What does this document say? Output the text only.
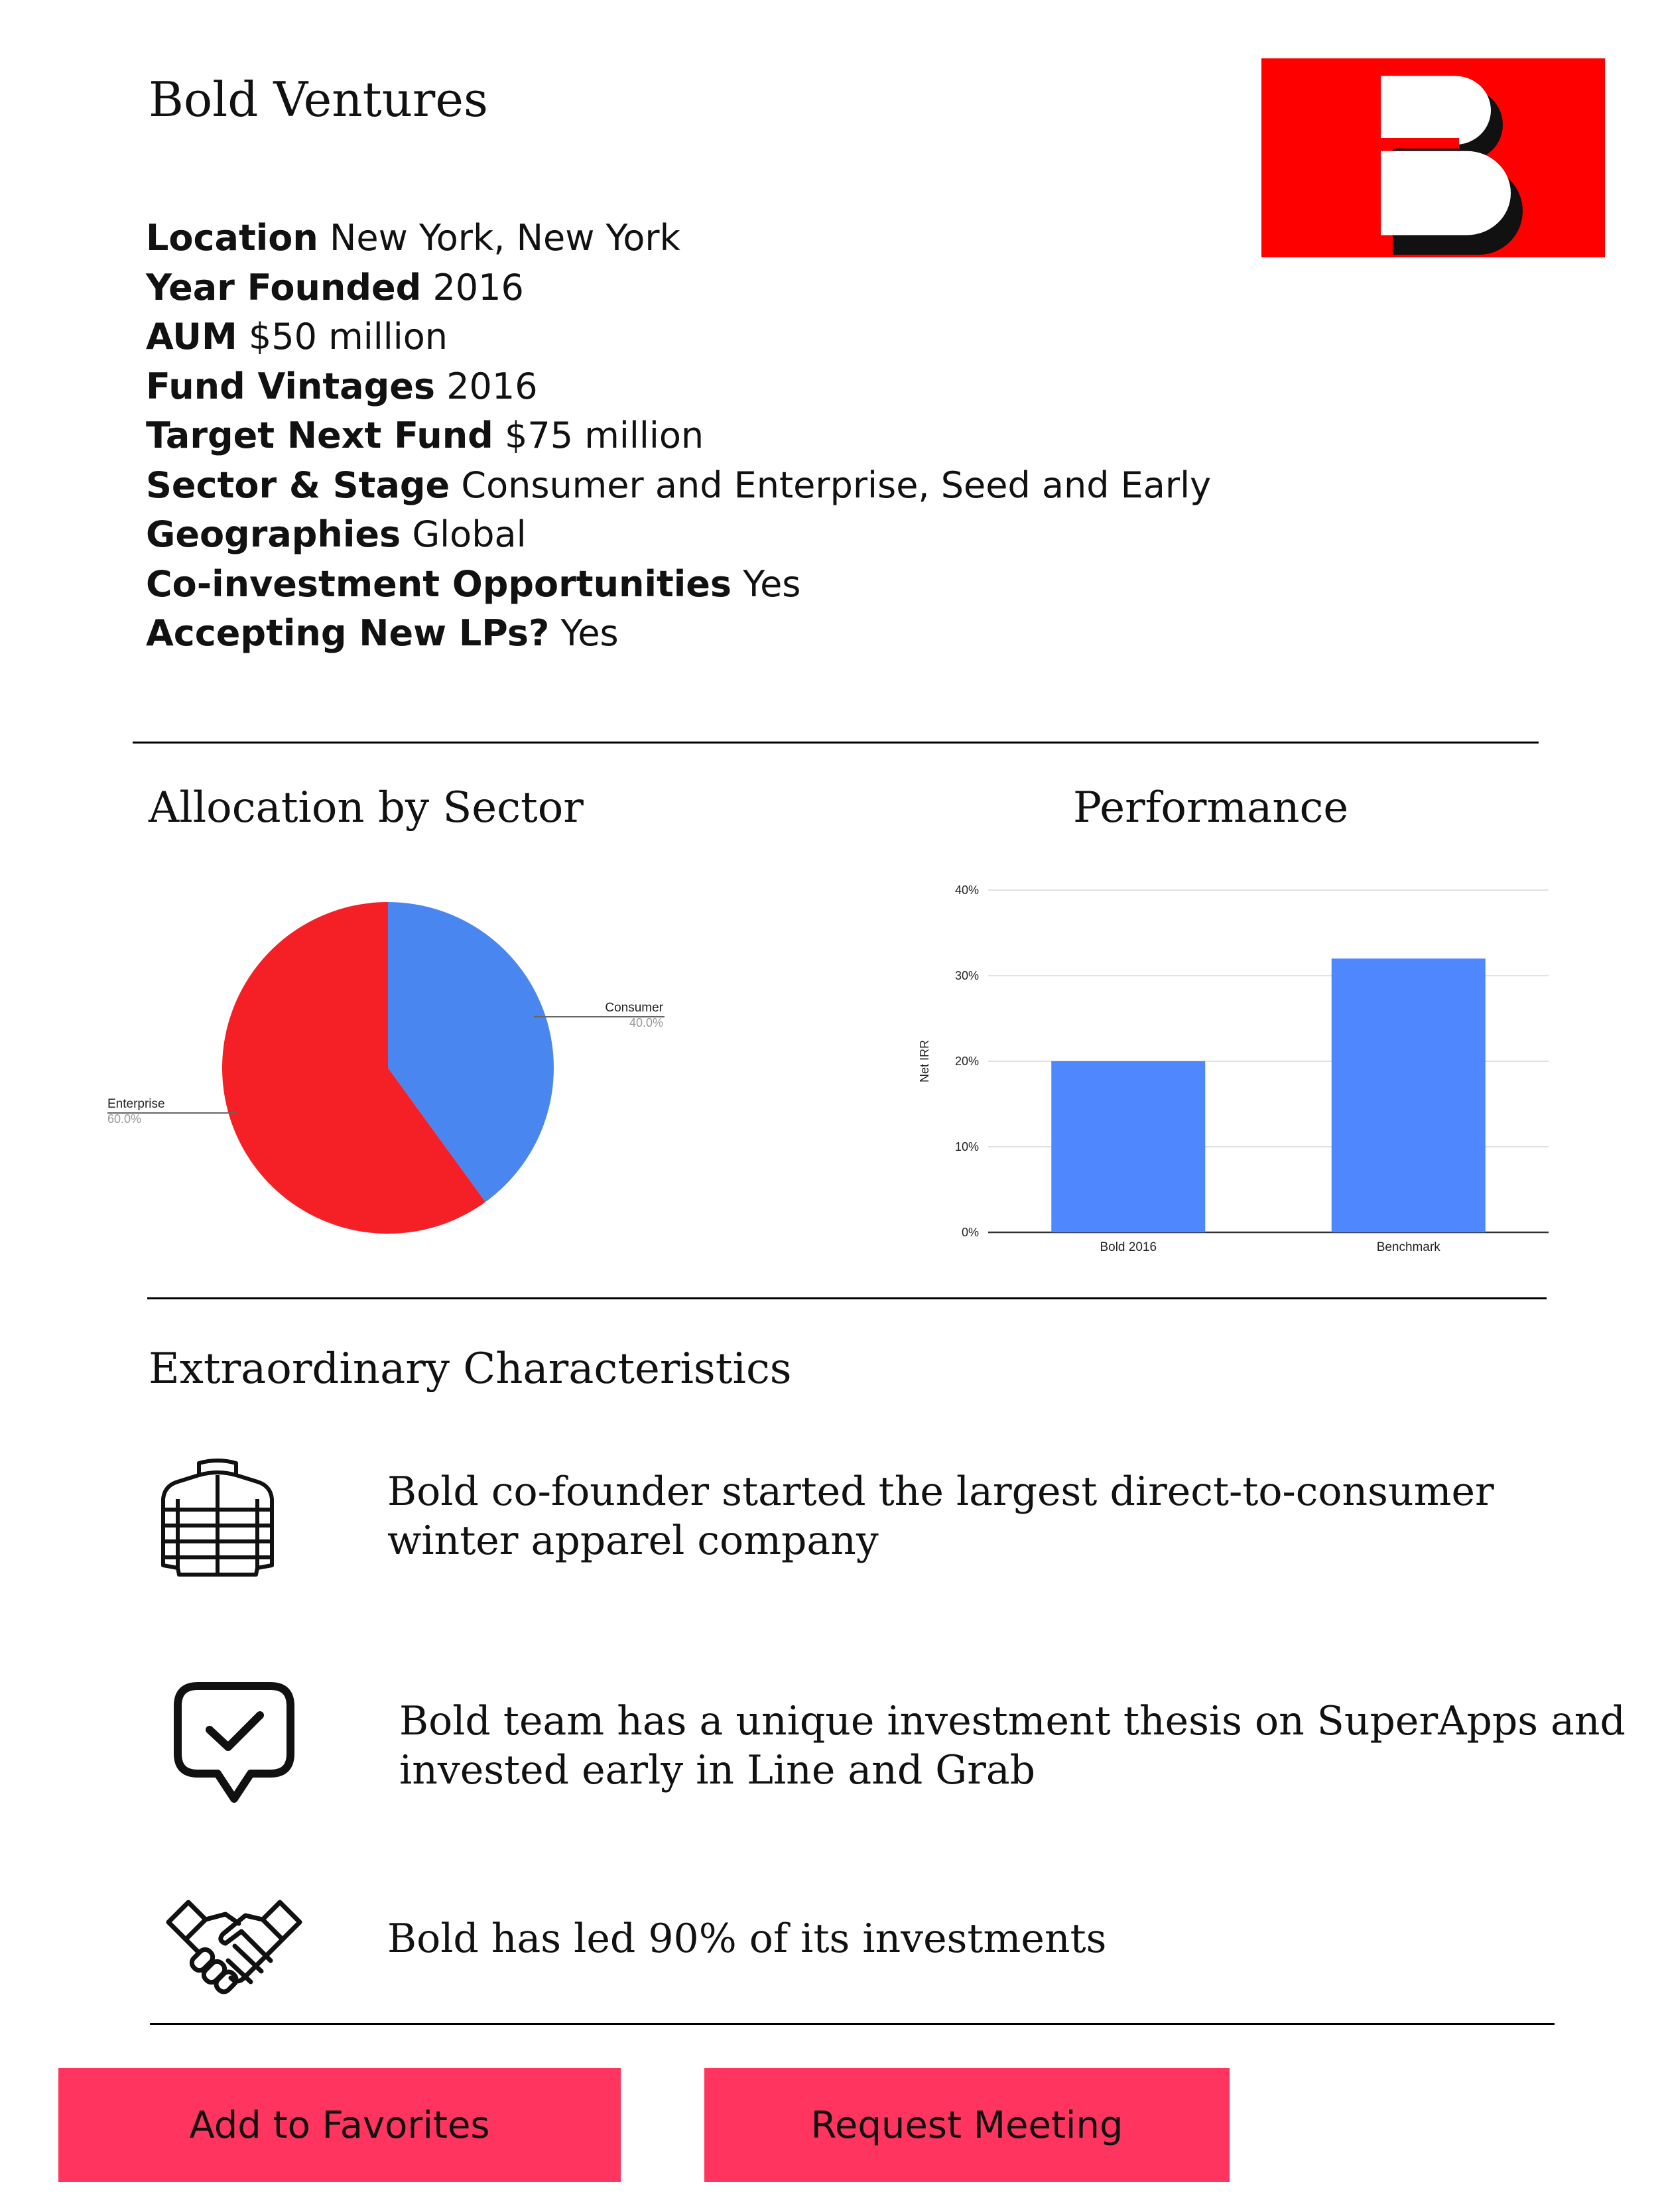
Bold Ventures
Location New York, New York
Year Founded 2016
AUM $50 million
Fund Vintages 2016
Target Next Fund $75 million
Sector & Stage Consumer and Enterprise, Seed and Early
Geographies Global
Co-investment Opportunities Yes
Accepting New LPs? Yes
Allocation by Sector	Performance
Consumer
40.0%
Enterprise
60.0%
0%
10%
20%
30%
40%
Bold 2016	Benchmark
Net IRR
Extraordinary Characteristics
Bold co-founder started the largest direct-to-consumer
winter apparel company
Bold team has a unique investment thesis on SuperApps and
invested early in Line and Grab
Bold has led 90% of its investments
Add to Favorites	Request Meeting
